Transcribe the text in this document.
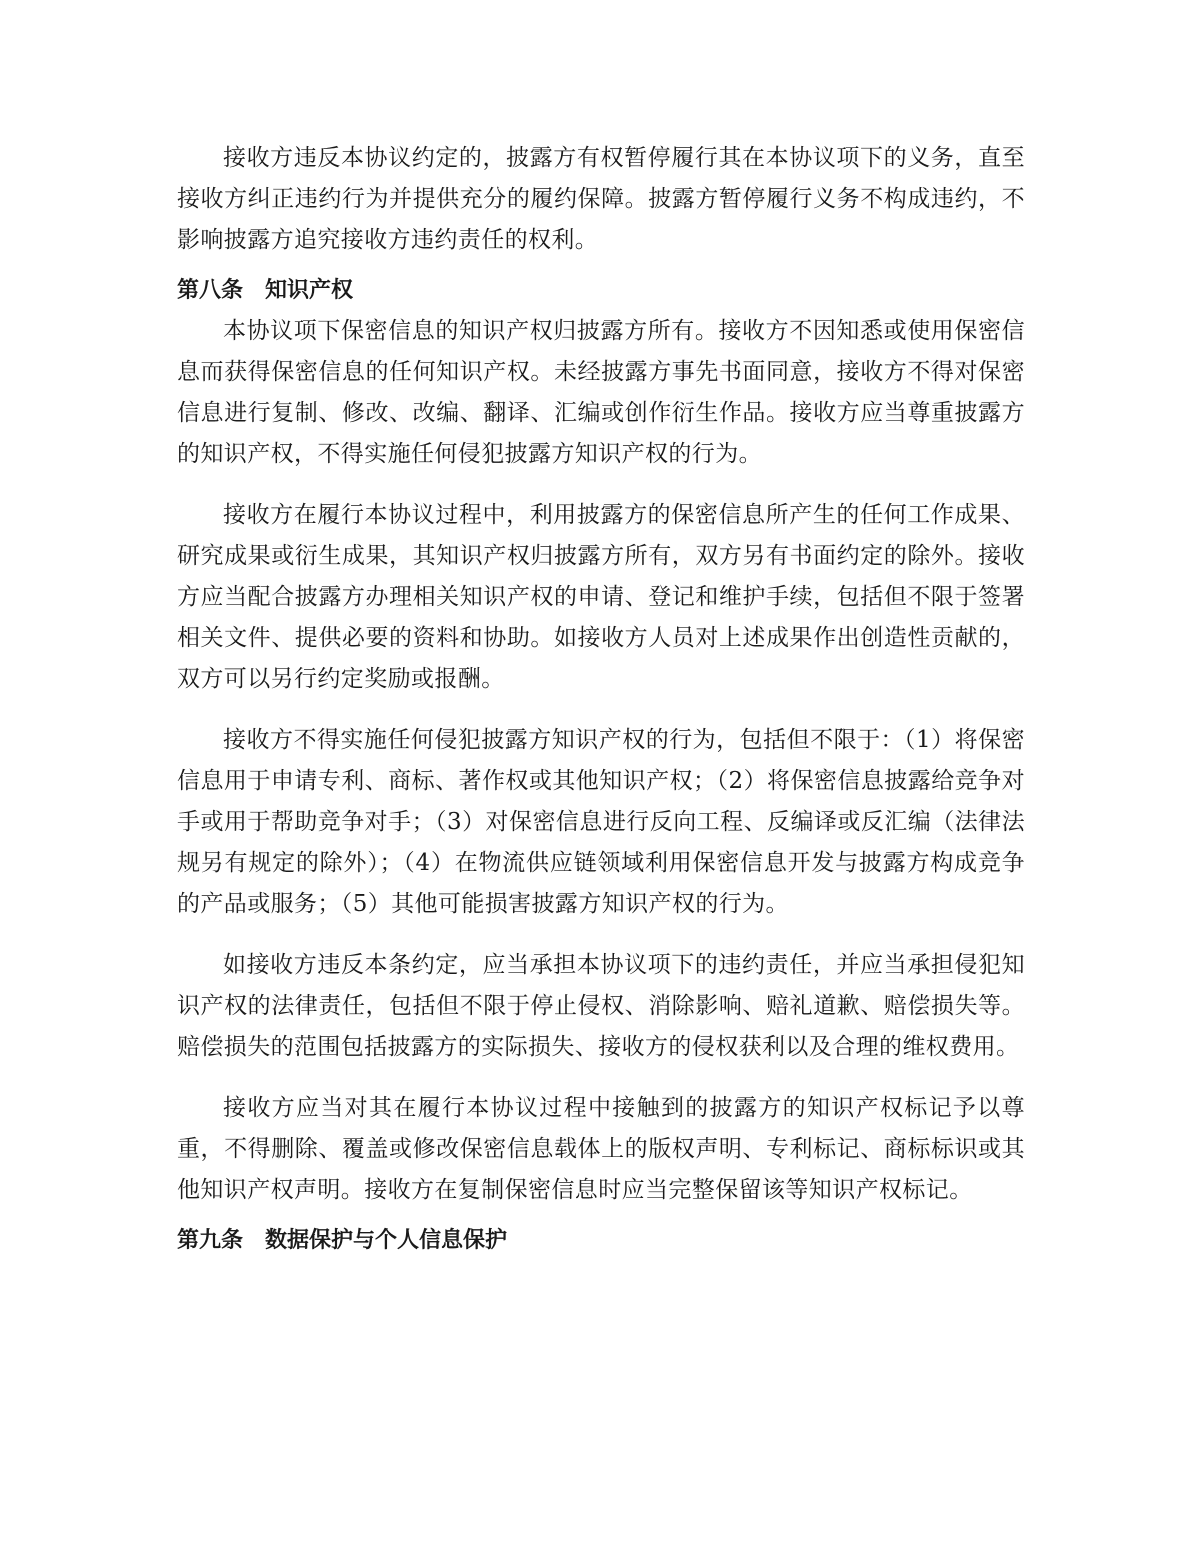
接收方违反本协议约定的，披露方有权暂停履行其在本协议项下的义务，直至接收方纠正违约行为并提供充分的履约保障。披露方暂停履行义务不构成违约，不影响披露方追究接收方违约责任的权利。

第八条　知识产权

本协议项下保密信息的知识产权归披露方所有。接收方不因知悉或使用保密信息而获得保密信息的任何知识产权。未经披露方事先书面同意，接收方不得对保密信息进行复制、修改、改编、翻译、汇编或创作衍生作品。接收方应当尊重披露方的知识产权，不得实施任何侵犯披露方知识产权的行为。

接收方在履行本协议过程中，利用披露方的保密信息所产生的任何工作成果、研究成果或衍生成果，其知识产权归披露方所有，双方另有书面约定的除外。接收方应当配合披露方办理相关知识产权的申请、登记和维护手续，包括但不限于签署相关文件、提供必要的资料和协助。如接收方人员对上述成果作出创造性贡献的，双方可以另行约定奖励或报酬。

接收方不得实施任何侵犯披露方知识产权的行为，包括但不限于：（1）将保密信息用于申请专利、商标、著作权或其他知识产权；（2）将保密信息披露给竞争对手或用于帮助竞争对手；（3）对保密信息进行反向工程、反编译或反汇编（法律法规另有规定的除外）；（4）在物流供应链领域利用保密信息开发与披露方构成竞争的产品或服务；（5）其他可能损害披露方知识产权的行为。

如接收方违反本条约定，应当承担本协议项下的违约责任，并应当承担侵犯知识产权的法律责任，包括但不限于停止侵权、消除影响、赔礼道歉、赔偿损失等。赔偿损失的范围包括披露方的实际损失、接收方的侵权获利以及合理的维权费用。

接收方应当对其在履行本协议过程中接触到的披露方的知识产权标记予以尊重，不得删除、覆盖或修改保密信息载体上的版权声明、专利标记、商标标识或其他知识产权声明。接收方在复制保密信息时应当完整保留该等知识产权标记。

第九条　数据保护与个人信息保护
